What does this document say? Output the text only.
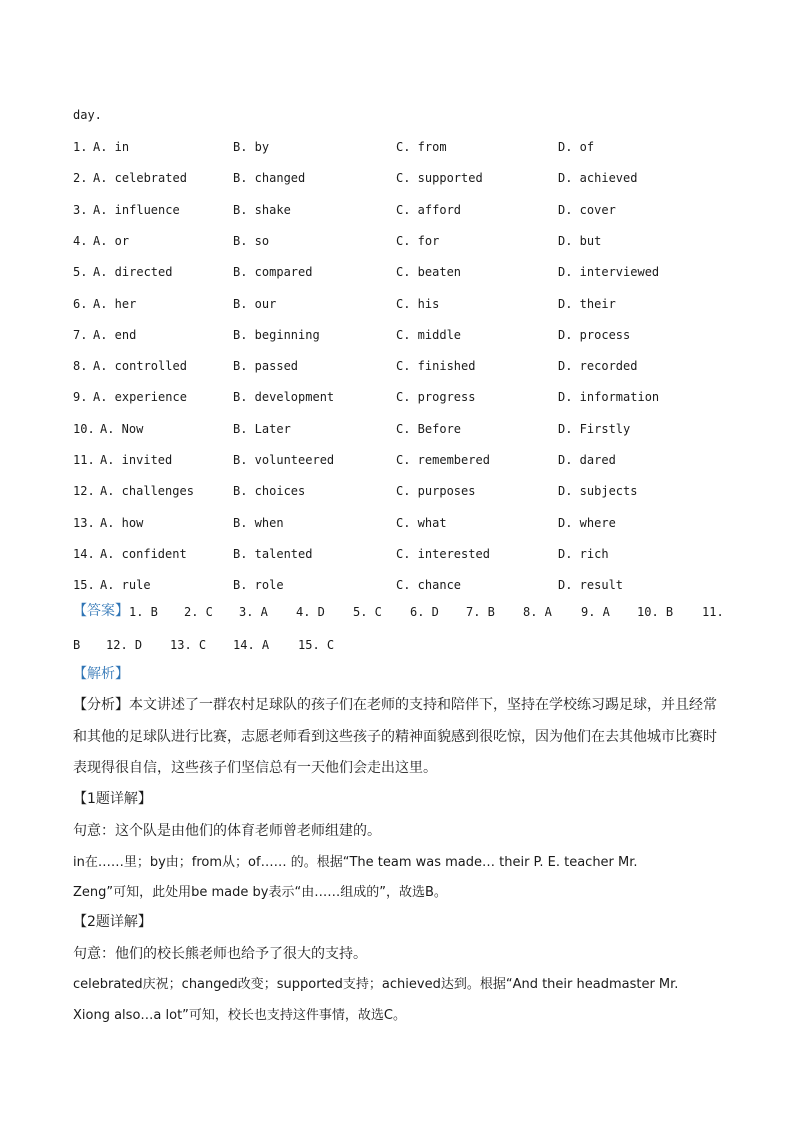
day.
1. A. in	B. by	C. from	D. of
2. A. celebrated	B. changed	C. supported	D. achieved
3. A. influence	B. shake	C. afford	D. cover
4. A. or	B. so	C. for	D. but
5. A. directed	B. compared	C. beaten	D. interviewed
6. A. her	B. our	C. his	D. their
7. A. end	B. beginning	C. middle	D. process
8. A. controlled	B. passed	C. finished	D. recorded
9. A. experience	B. development	C. progress	D. information
10. A. Now	B. Later	C. Before	D. Firstly
11. A. invited	B. volunteered	C. remembered	D. dared
12. A. challenges	B. choices	C. purposes	D. subjects
13. A. how	B. when	C. what	D. where
14. A. confident	B. talented	C. interested	D. rich
15. A. rule	B. role	C. chance	D. result
【答案】 1. B 2. C 3. A 4. D 5. C 6. D 7. B 8. A 9. A 10. B 11.
B 12. D 13. C 14. A 15. C
【解析】
【分析】本文讲述了一群农村足球队的孩子们在老师的支持和陪伴下，坚持在学校练习踢足球，并且经常
和其他的足球队进行比赛，志愿老师看到这些孩子的精神面貌感到很吃惊，因为他们在去其他城市比赛时
表现得很自信，这些孩子们坚信总有一天他们会走出这里。
【1题详解】
句意：这个队是由他们的体育老师曾老师组建的。
in在……里；by由；from从；of…… 的。根据“The team was made… their P. E. teacher Mr.
Zeng”可知，此处用be made by表示“由……组成的”，故选B。
【2题详解】
句意：他们的校长熊老师也给予了很大的支持。
celebrated庆祝；changed改变；supported支持；achieved达到。根据“And their headmaster Mr.
Xiong also…a lot”可知，校长也支持这件事情，故选C。
